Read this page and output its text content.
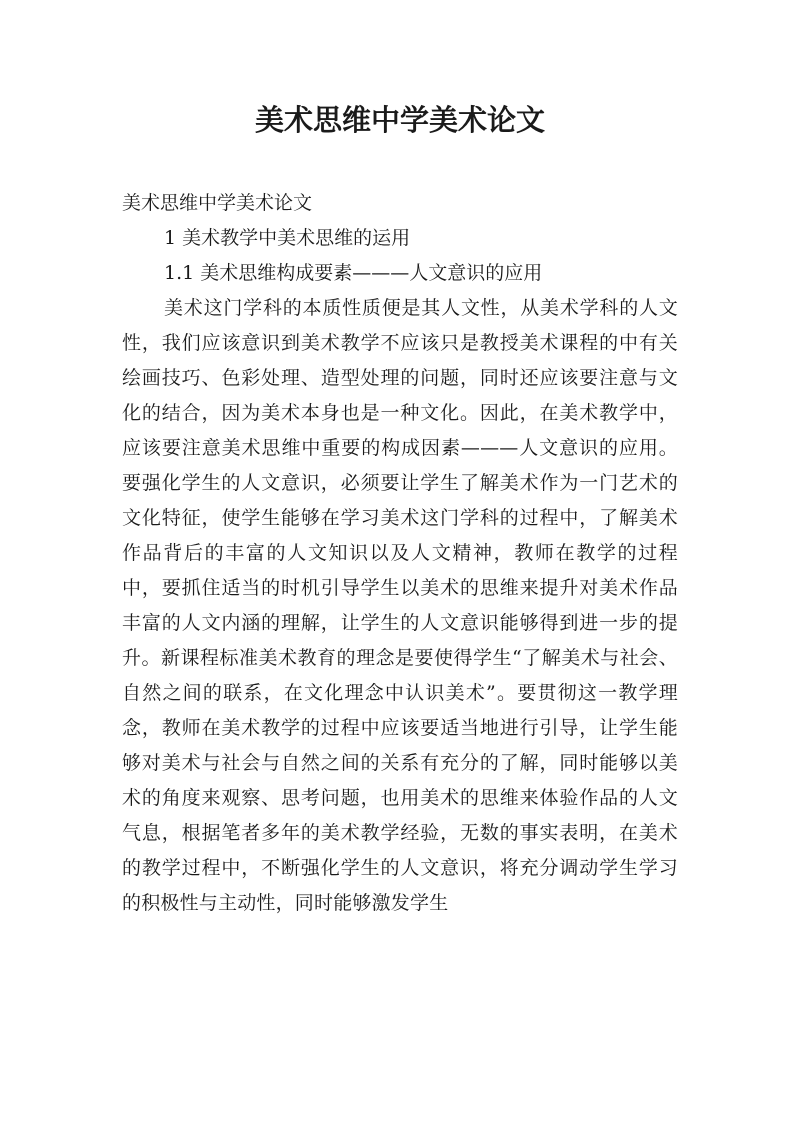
美术思维中学美术论文

美术思维中学美术论文

1 美术教学中美术思维的运用

1.1 美术思维构成要素———人文意识的应用

美术这门学科的本质性质便是其人文性，从美术学科的人文性，我们应该意识到美术教学不应该只是教授美术课程的中有关绘画技巧、色彩处理、造型处理的问题，同时还应该要注意与文化的结合，因为美术本身也是一种文化。因此，在美术教学中，应该要注意美术思维中重要的构成因素———人文意识的应用。要强化学生的人文意识，必须要让学生了解美术作为一门艺术的文化特征，使学生能够在学习美术这门学科的过程中，了解美术作品背后的丰富的人文知识以及人文精神，教师在教学的过程中，要抓住适当的时机引导学生以美术的思维来提升对美术作品丰富的人文内涵的理解，让学生的人文意识能够得到进一步的提升。新课程标准美术教育的理念是要使得学生“了解美术与社会、自然之间的联系，在文化理念中认识美术”。要贯彻这一教学理念，教师在美术教学的过程中应该要适当地进行引导，让学生能够对美术与社会与自然之间的关系有充分的了解，同时能够以美术的角度来观察、思考问题，也用美术的思维来体验作品的人文气息，根据笔者多年的美术教学经验，无数的事实表明，在美术的教学过程中，不断强化学生的人文意识，将充分调动学生学习的积极性与主动性，同时能够激发学生
